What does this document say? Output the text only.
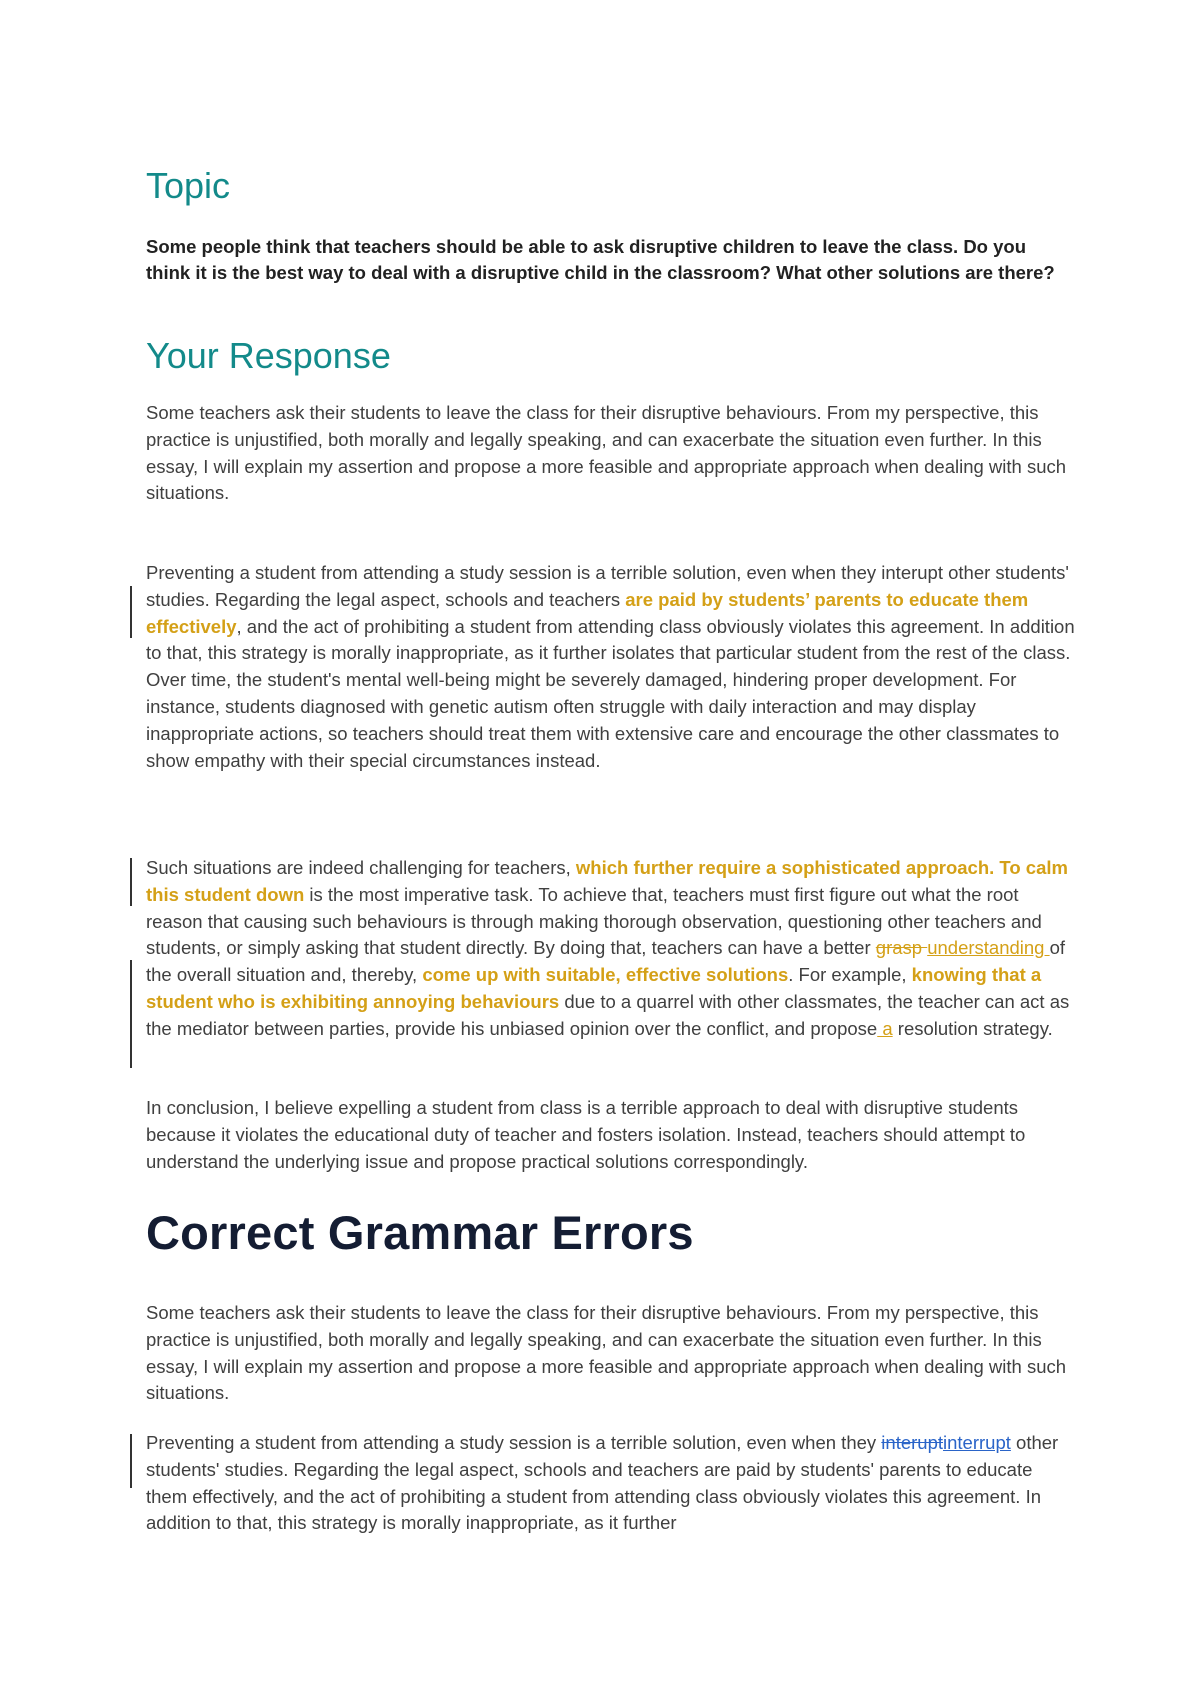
Topic

Some people think that teachers should be able to ask disruptive children to leave the class. Do you think it is the best way to deal with a disruptive child in the classroom? What other solutions are there?

Your Response

Some teachers ask their students to leave the class for their disruptive behaviours. From my perspective, this practice is unjustified, both morally and legally speaking, and can exacerbate the situation even further. In this essay, I will explain my assertion and propose a more feasible and appropriate approach when dealing with such situations.

Preventing a student from attending a study session is a terrible solution, even when they interupt other students' studies. Regarding the legal aspect, schools and teachers are paid by students’ parents to educate them effectively, and the act of prohibiting a student from attending class obviously violates this agreement. In addition to that, this strategy is morally inappropriate, as it further isolates that particular student from the rest of the class. Over time, the student's mental well-being might be severely damaged, hindering proper development. For instance, students diagnosed with genetic autism often struggle with daily interaction and may display inappropriate actions, so teachers should treat them with extensive care and encourage the other classmates to show empathy with their special circumstances instead.

Such situations are indeed challenging for teachers, which further require a sophisticated approach. To calm this student down is the most imperative task. To achieve that, teachers must first figure out what the root reason that causing such behaviours is through making thorough observation, questioning other teachers and students, or simply asking that student directly. By doing that, teachers can have a better grasp understanding of the overall situation and, thereby, come up with suitable, effective solutions. For example, knowing that a student who is exhibiting annoying behaviours due to a quarrel with other classmates, the teacher can act as the mediator between parties, provide his unbiased opinion over the conflict, and propose a resolution strategy.

In conclusion, I believe expelling a student from class is a terrible approach to deal with disruptive students because it violates the educational duty of teacher and fosters isolation. Instead, teachers should attempt to understand the underlying issue and propose practical solutions correspondingly.

Correct Grammar Errors

Some teachers ask their students to leave the class for their disruptive behaviours. From my perspective, this practice is unjustified, both morally and legally speaking, and can exacerbate the situation even further. In this essay, I will explain my assertion and propose a more feasible and appropriate approach when dealing with such situations.

Preventing a student from attending a study session is a terrible solution, even when they interuptinterrupt other students' studies. Regarding the legal aspect, schools and teachers are paid by students' parents to educate them effectively, and the act of prohibiting a student from attending class obviously violates this agreement. In addition to that, this strategy is morally inappropriate, as it further
